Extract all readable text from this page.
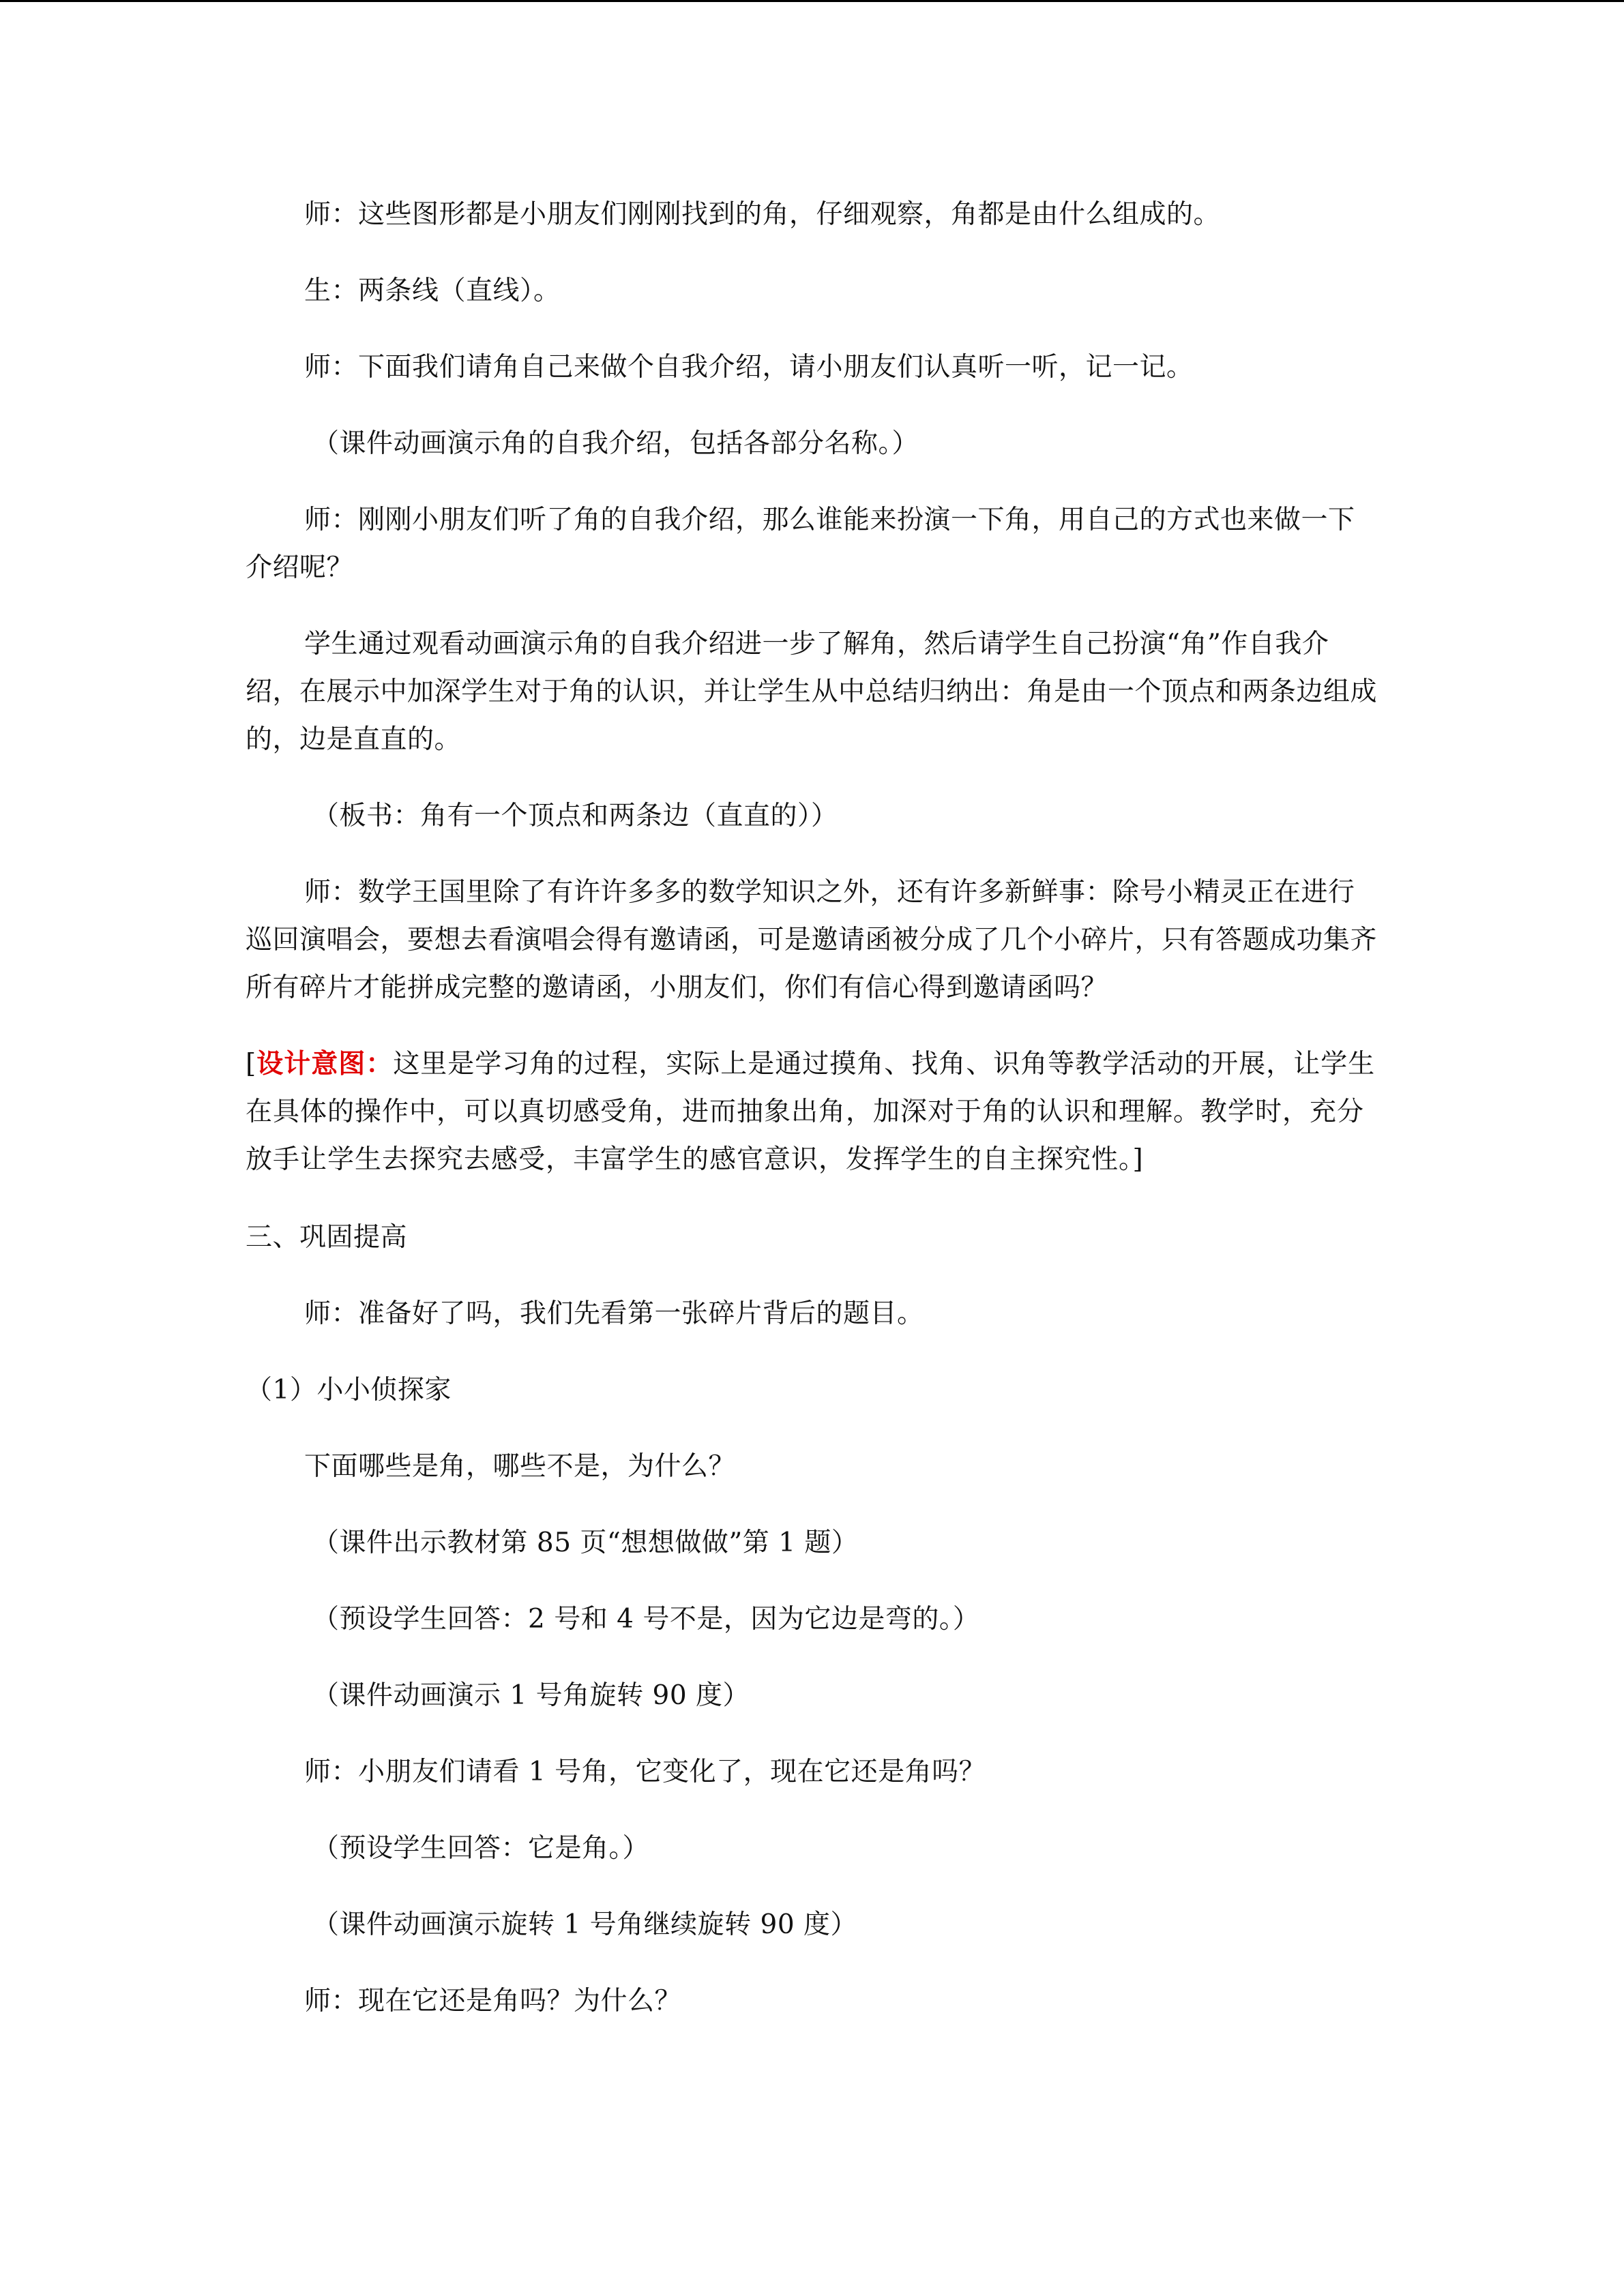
师：这些图形都是小朋友们刚刚找到的角，仔细观察，角都是由什么组成的。
生：两条线（直线）。
师：下面我们请角自己来做个自我介绍，请小朋友们认真听一听，记一记。
（课件动画演示角的自我介绍，包括各部分名称。）
师：刚刚小朋友们听了角的自我介绍，那么谁能来扮演一下角，用自己的方式也来做一下介绍呢？
学生通过观看动画演示角的自我介绍进一步了解角，然后请学生自己扮演“角”作自我介绍，在展示中加深学生对于角的认识，并让学生从中总结归纳出：角是由一个顶点和两条边组成的，边是直直的。
（板书：角有一个顶点和两条边（直直的））
师：数学王国里除了有许许多多的数学知识之外，还有许多新鲜事：除号小精灵正在进行巡回演唱会，要想去看演唱会得有邀请函，可是邀请函被分成了几个小碎片，只有答题成功集齐所有碎片才能拼成完整的邀请函，小朋友们，你们有信心得到邀请函吗？
[设计意图：这里是学习角的过程，实际上是通过摸角、找角、识角等教学活动的开展，让学生在具体的操作中，可以真切感受角，进而抽象出角，加深对于角的认识和理解。教学时，充分放手让学生去探究去感受，丰富学生的感官意识，发挥学生的自主探究性。]
三、巩固提高
师：准备好了吗，我们先看第一张碎片背后的题目。
（1）小小侦探家
下面哪些是角，哪些不是，为什么？
（课件出示教材第 85 页“想想做做”第 1 题）
（预设学生回答：2 号和 4 号不是，因为它边是弯的。）
（课件动画演示 1 号角旋转 90 度）
师：小朋友们请看 1 号角，它变化了，现在它还是角吗？
（预设学生回答：它是角。）
（课件动画演示旋转 1 号角继续旋转 90 度）
师：现在它还是角吗？为什么？
